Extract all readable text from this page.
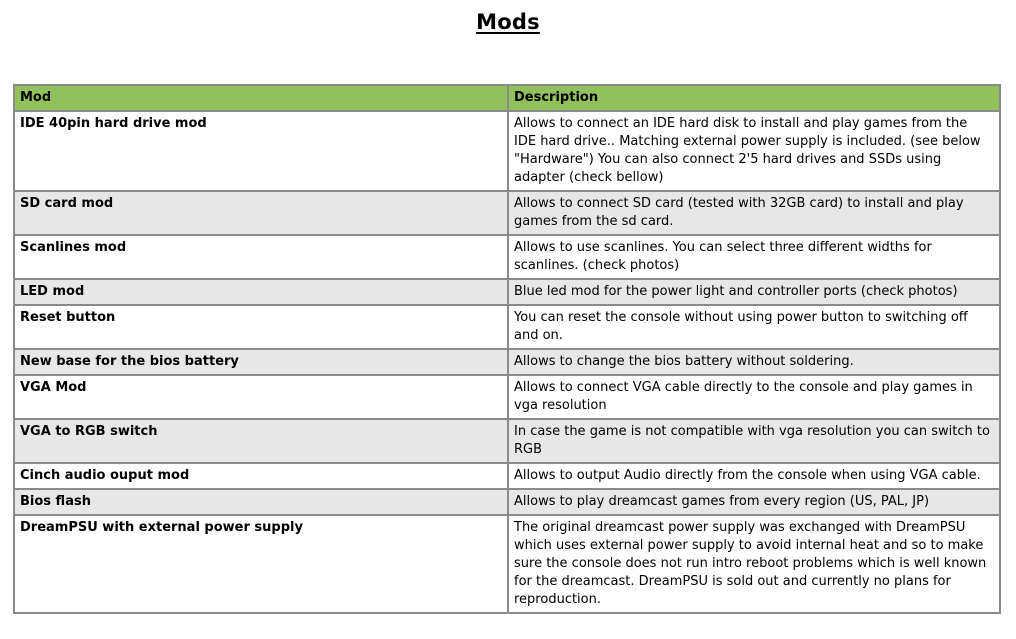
Mods
Mod	Description
IDE 40pin hard drive mod	Allows to connect an IDE hard disk to install and play games from the IDE hard drive.. Matching external power supply is included. (see below "Hardware") You can also connect 2'5 hard drives and SSDs using adapter (check bellow)
SD card mod	Allows to connect SD card (tested with 32GB card) to install and play games from the sd card.
Scanlines mod	Allows to use scanlines. You can select three different widths for scanlines. (check photos)
LED mod	Blue led mod for the power light and controller ports (check photos)
Reset button	You can reset the console without using power button to switching off and on.
New base for the bios battery	Allows to change the bios battery without soldering.
VGA Mod	Allows to connect VGA cable directly to the console and play games in vga resolution
VGA to RGB switch	In case the game is not compatible with vga resolution you can switch to RGB
Cinch audio ouput mod	Allows to output Audio directly from the console when using VGA cable.
Bios flash	Allows to play dreamcast games from every region (US, PAL, JP)
DreamPSU with external power supply	The original dreamcast power supply was exchanged with DreamPSU which uses external power supply to avoid internal heat and so to make sure the console does not run intro reboot problems which is well known for the dreamcast. DreamPSU is sold out and currently no plans for reproduction.
